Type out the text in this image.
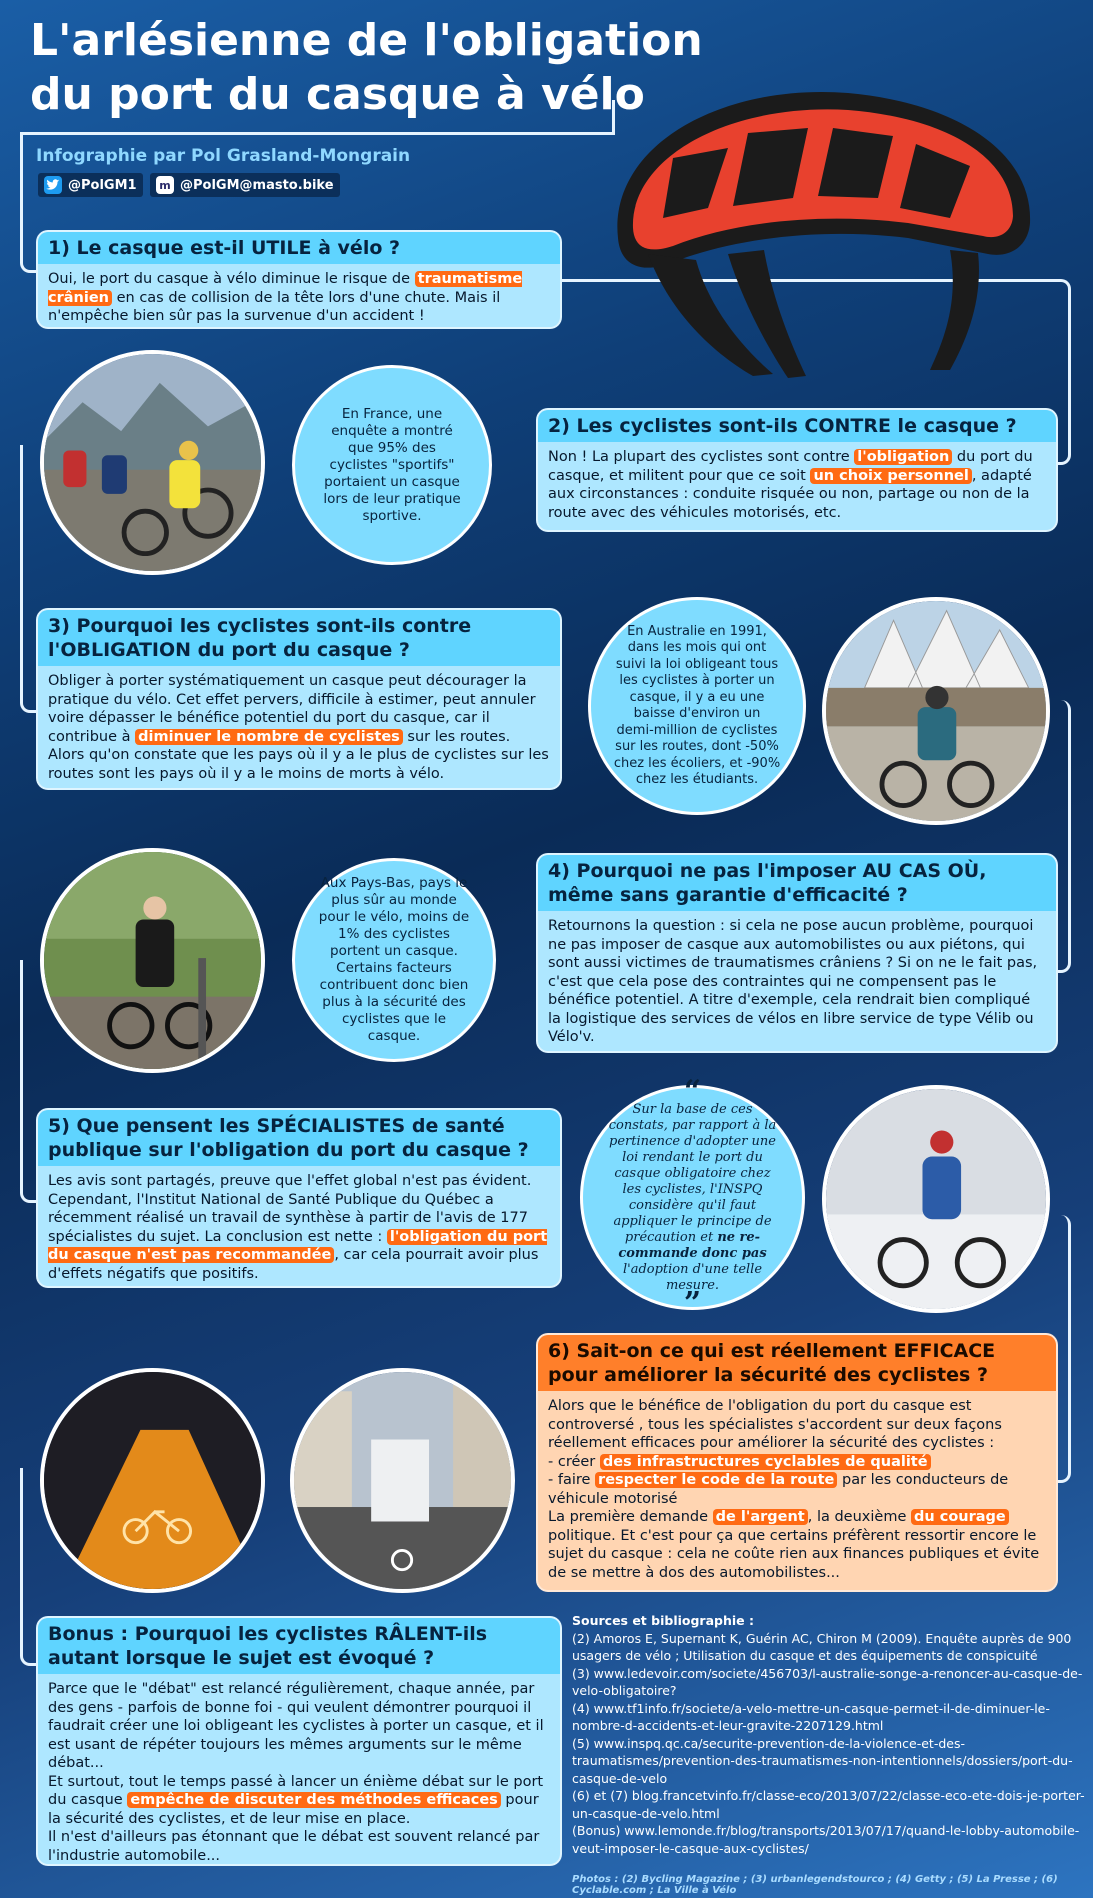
L'arlésienne de l'obligation
du port du casque à vélo
Infographie par Pol Grasland-Mongrain
@PolGM1 m @PolGM@masto.bike
1) Le casque est-il UTILE à vélo ?
Oui, le port du casque à vélo diminue le risque de traumatisme crânien en cas de collision de la tête lors d'une chute. Mais il n'empêche bien sûr pas la survenue d'un accident !
En France, une enquête a montré que 95% des cyclistes "sportifs" portaient un casque lors de leur pratique sportive.
2) Les cyclistes sont-ils CONTRE le casque ?
Non ! La plupart des cyclistes sont contre l'obligation du port du casque, et militent pour que ce soit un choix personnel , adapté aux circonstances : conduite risquée ou non, partage ou non de la route avec des véhicules motorisés, etc.
3) Pourquoi les cyclistes sont-ils contre l'OBLIGATION du port du casque ?
Obliger à porter systématiquement un casque peut décourager la pratique du vélo. Cet effet pervers, difficile à estimer, peut annuler voire dépasser le bénéfice potentiel du port du casque, car il contribue à diminuer le nombre de cyclistes sur les routes. Alors qu'on constate que les pays où il y a le plus de cyclistes sur les routes sont les pays où il y a le moins de morts à vélo.
En Australie en 1991, dans les mois qui ont suivi la loi obligeant tous les cyclistes à porter un casque, il y a eu une baisse d'environ un demi-million de cyclistes sur les routes, dont -50% chez les écoliers, et -90% chez les étudiants.
Aux Pays-Bas, pays le plus sûr au monde pour le vélo, moins de 1% des cyclistes portent un casque. Certains facteurs contribuent donc bien plus à la sécurité des cyclistes que le casque.
4) Pourquoi ne pas l'imposer AU CAS OÙ, même sans garantie d'efficacité ?
Retournons la question : si cela ne pose aucun problème, pourquoi ne pas imposer de casque aux automobilistes ou aux piétons, qui sont aussi victimes de traumatismes crâniens ? Si on ne le fait pas, c'est que cela pose des contraintes qui ne compensent pas le bénéfice potentiel. A titre d'exemple, cela rendrait bien compliqué la logistique des services de vélos en libre service de type Vélib ou Vélo'v.
5) Que pensent les SPÉCIALISTES de santé publique sur l'obligation du port du casque ?
Les avis sont partagés, preuve que l'effet global n'est pas évident. Cependant, l'Institut National de Santé Publique du Québec a récemment réalisé un travail de synthèse à partir de l'avis de 177 spécialistes du sujet. La conclusion est nette : l'obligation du port du casque n'est pas recommandée , car cela pourrait avoir plus d'effets négatifs que positifs.
“
Sur la base de ces constats, par rapport à la pertinence d'adopter une loi rendant le port du casque obligatoire chez les cyclistes, l'INSPQ considère qu'il faut appliquer le principe de précaution et ne re-commande donc pas l'adoption d'une telle mesure.
”
6) Sait-on ce qui est réellement EFFICACE pour améliorer la sécurité des cyclistes ?
Alors que le bénéfice de l'obligation du port du casque est controversé , tous les spécialistes s'accordent sur deux façons réellement efficaces pour améliorer la sécurité des cyclistes :
- créer des infrastructures cyclables de qualité
- faire respecter le code de la route par les conducteurs de véhicule motorisé
La première demande de l'argent , la deuxième du courage politique. Et c'est pour ça que certains préfèrent ressortir encore le sujet du casque : cela ne coûte rien aux finances publiques et évite de se mettre à dos des automobilistes...
Bonus : Pourquoi les cyclistes RÂLENT-ils autant lorsque le sujet est évoqué ?
Parce que le "débat" est relancé régulièrement, chaque année, par des gens - parfois de bonne foi - qui veulent démontrer pourquoi il faudrait créer une loi obligeant les cyclistes à porter un casque, et il est usant de répéter toujours les mêmes arguments sur le même débat...
Et surtout, tout le temps passé à lancer un énième débat sur le port du casque empêche de discuter des méthodes efficaces pour la sécurité des cyclistes, et de leur mise en place.
Il n'est d'ailleurs pas étonnant que le débat est souvent relancé par l'industrie automobile...
Sources et bibliographie :
(2) Amoros E, Supernant K, Guérin AC, Chiron M (2009). Enquête auprès de 900 usagers de vélo ; Utilisation du casque et des équipements de conspicuité
(3) www.ledevoir.com/societe/456703/l-australie-songe-a-renoncer-au-casque-de-velo-obligatoire?
(4) www.tf1info.fr/societe/a-velo-mettre-un-casque-permet-il-de-diminuer-le-nombre-d-accidents-et-leur-gravite-2207129.html
(5) www.inspq.qc.ca/securite-prevention-de-la-violence-et-des-traumatismes/prevention-des-traumatismes-non-intentionnels/dossiers/port-du-casque-de-velo
(6) et (7) blog.francetvinfo.fr/classe-eco/2013/07/22/classe-eco-ete-dois-je-porter-un-casque-de-velo.html
(Bonus) www.lemonde.fr/blog/transports/2013/07/17/quand-le-lobby-automobile-veut-imposer-le-casque-aux-cyclistes/
Photos : (2) Bycling Magazine ; (3) urbanlegendstourco ; (4) Getty ; (5) La Presse ; (6) Cyclable.com ; La Ville à Vélo
